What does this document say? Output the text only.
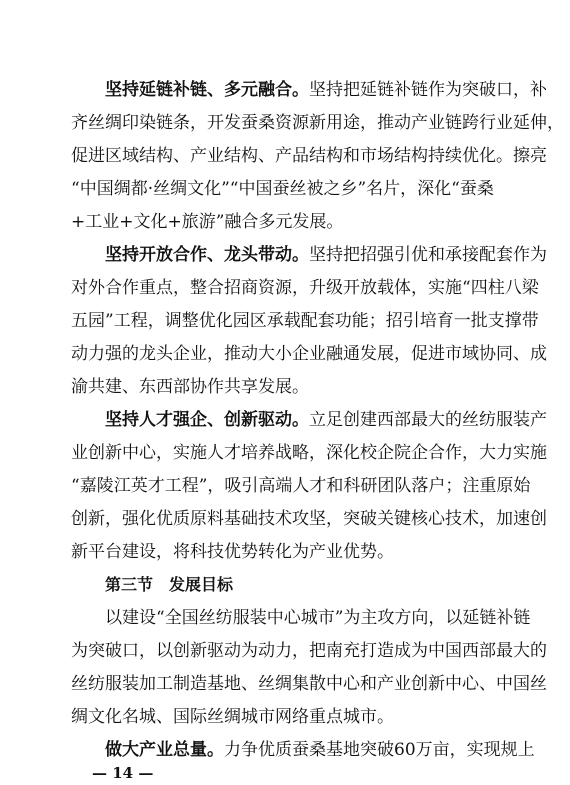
坚持延链补链、多元融合。坚持把延链补链作为突破口，补
齐丝绸印染链条，开发蚕桑资源新用途，推动产业链跨行业延伸，
促进区域结构、产业结构、产品结构和市场结构持续优化。擦亮
“中国绸都·丝绸文化”“中国蚕丝被之乡”名片，深化“蚕桑
+工业+文化+旅游”融合多元发展。
坚持开放合作、龙头带动。坚持把招强引优和承接配套作为
对外合作重点，整合招商资源，升级开放载体，实施“四柱八梁
五园”工程，调整优化园区承载配套功能；招引培育一批支撑带
动力强的龙头企业，推动大小企业融通发展，促进市域协同、成
渝共建、东西部协作共享发展。
坚持人才强企、创新驱动。立足创建西部最大的丝纺服装产
业创新中心，实施人才培养战略，深化校企院企合作，大力实施
“嘉陵江英才工程”，吸引高端人才和科研团队落户；注重原始
创新，强化优质原料基础技术攻坚，突破关键核心技术，加速创
新平台建设，将科技优势转化为产业优势。
第三节　发展目标
以建设“全国丝纺服装中心城市”为主攻方向，以延链补链
为突破口，以创新驱动为动力，把南充打造成为中国西部最大的
丝纺服装加工制造基地、丝绸集散中心和产业创新中心、中国丝
绸文化名城、国际丝绸城市网络重点城市。
做大产业总量。力争优质蚕桑基地突破60万亩，实现规上
— 14 —
